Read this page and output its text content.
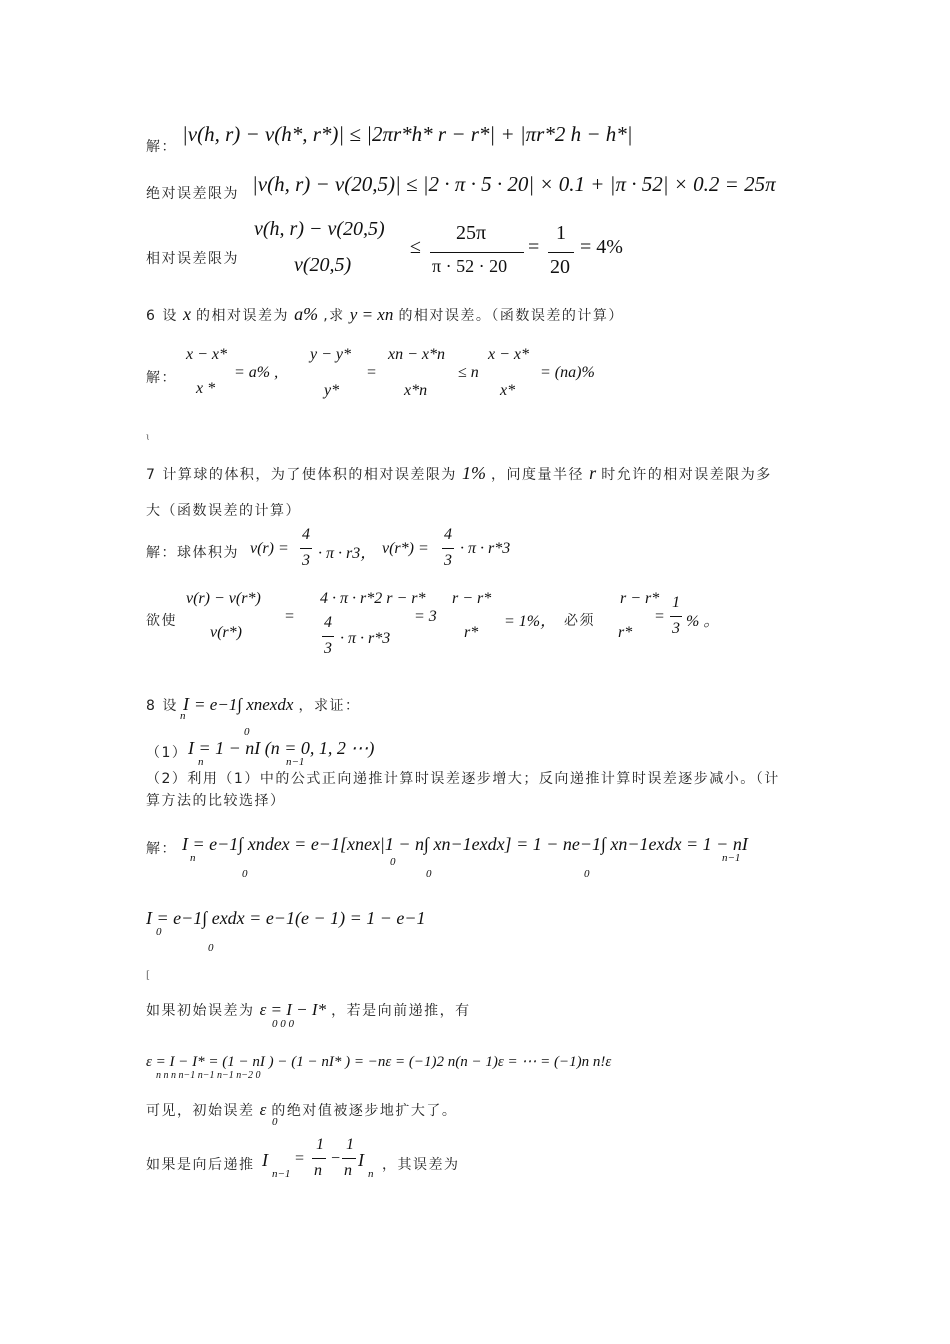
解：
|v(h, r) − v(h*, r*)| ≤ |2πr*h* r − r*| + |πr*2 h − h*|
绝对误差限为 |v(h, r) − v(20,5)| ≤ |2 · π · 5 · 20| × 0.1 + |π · 52| × 0.2 = 25π
相对误差限为
v(h, r) − v(20,5)
v(20,5)
≤
25π
π · 52 · 20
=
1
20
= 4%
6 设 x 的相对误差为 a% ,求 y = xn 的相对误差。（函数误差的计算）
解：
x − x*
x *
= a% ,
y − y*
y*
=
xn − x*n
x*n
≤ n
x − x*
x*
= (na)%
ɩ
7 计算球的体积，为了使体积的相对误差限为 1% ，问度量半径 r 时允许的相对误差限为多
大（函数误差的计算）
解：球体积为 v(r) =
4
3 · π · r3， v(r*) =
4
3
· π · r*3
欲使
v(r) − v(r*)
v(r*)
=
4 · π · r*2 r − r*
4
3
· π · r*3
= 3
r − r*
r*
= 1%， 必须
r − r*
r*
=
1
3 % 。
8 设 I = e−1∫ xnexdx ，求证：
n
0
（1） I = 1 − nI (n = 0, 1, 2 ⋯)
n	n−1
（2）利用（1）中的公式正向递推计算时误差逐步增大；反向递推计算时误差逐步减小。（计
算方法的比较选择）
解： I = e−1∫ xndex = e−1[xnex|1 − n∫ xn−1exdx] = 1 − ne−1∫ xn−1exdx = 1 − nI
n	n−1
0
0
0	0
I = e−1∫ exdx = e−1(e − 1) = 1 − e−1
0
0
[
如果初始误差为 ε = I − I* ，若是向前递推，有
0 0 0
ε = I − I* = (1 − nI ) − (1 − nI* ) = −nε = (−1)2 n(n − 1)ε = ⋯ = (−1)n n!ε
n n n n−1 n−1 n−1 n−2 0
可见，初始误差 ε 的绝对值被逐步地扩大了。
0
如果是向后递推 I
n−1
=
1
n
−
1
n
I
n
，其误差为
